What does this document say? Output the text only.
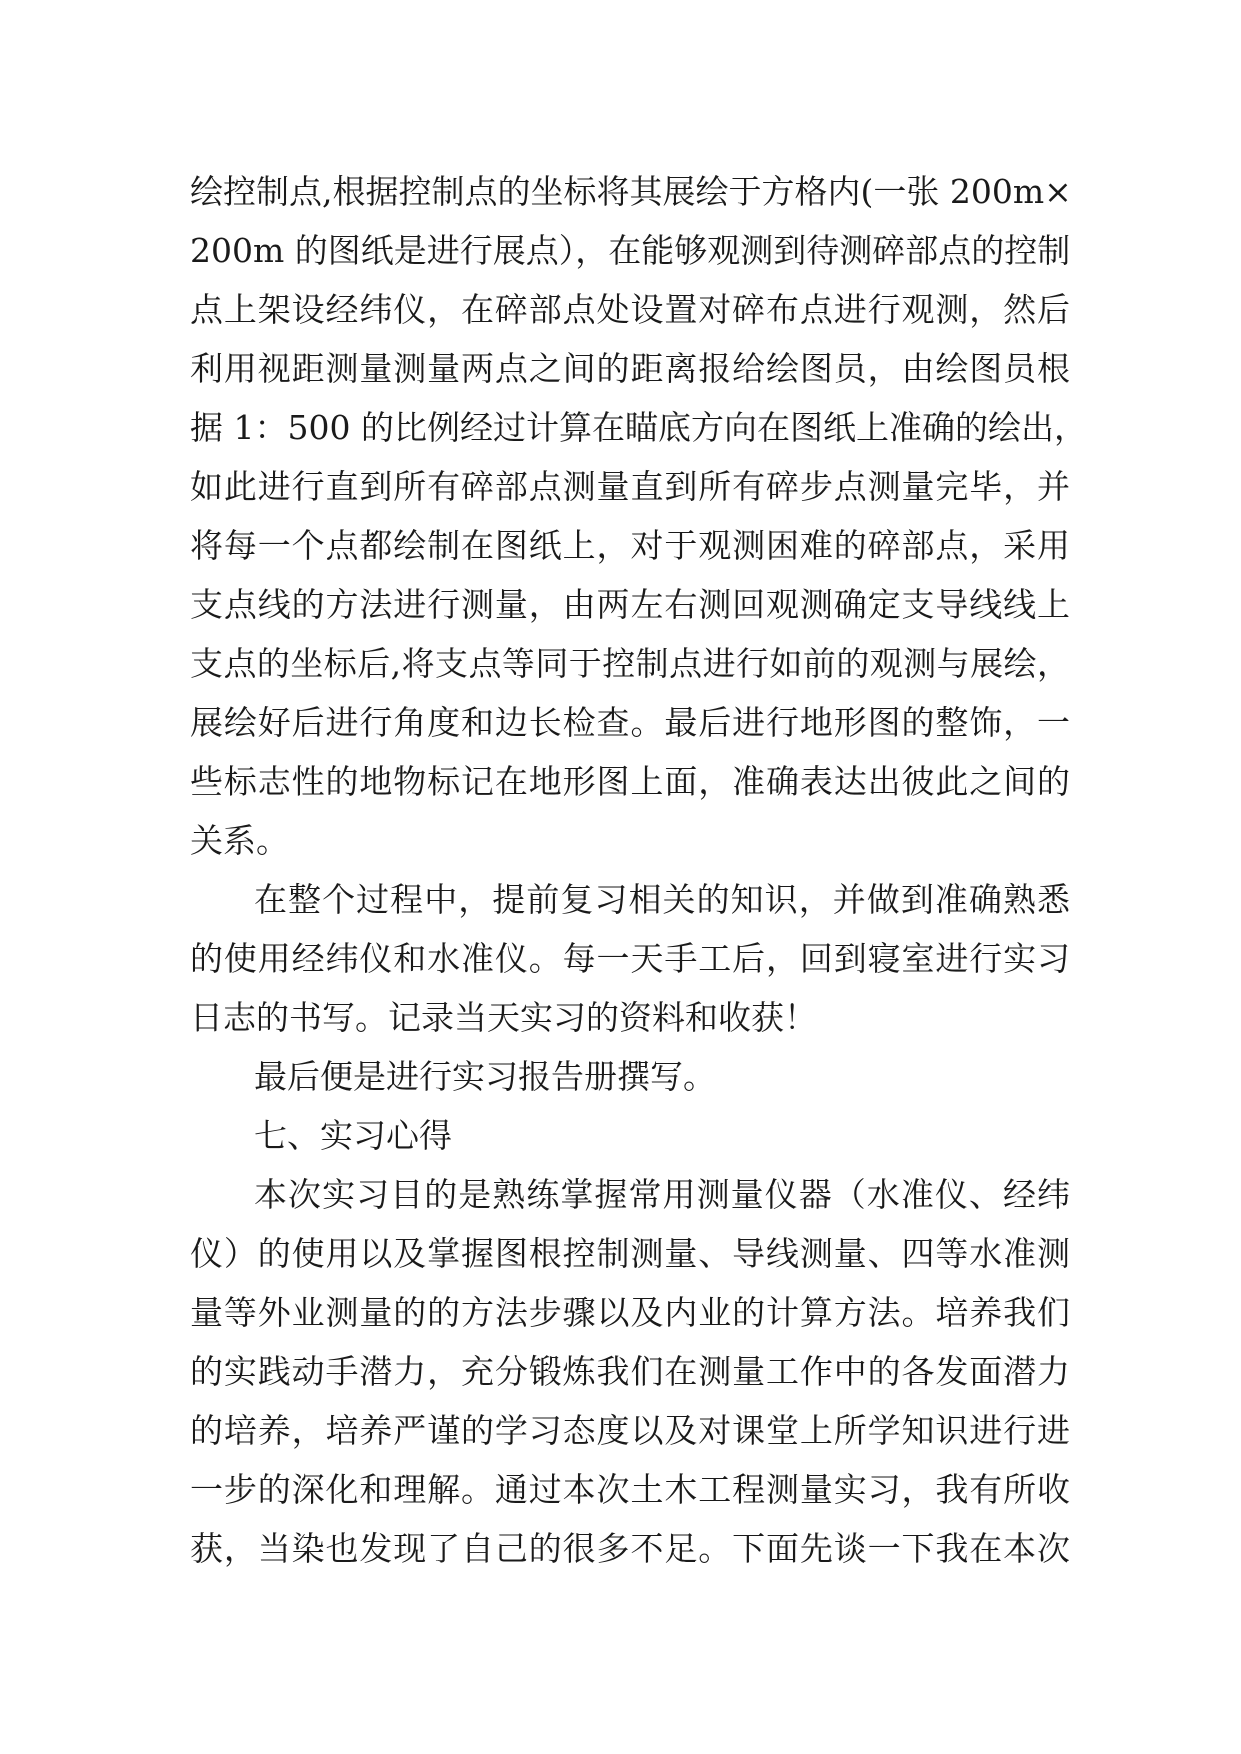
绘控制点,根据控制点的坐标将其展绘于方格内(一张 200m×
200m 的图纸是进行展点），在能够观测到待测碎部点的控制
点上架设经纬仪，在碎部点处设置对碎布点进行观测，然后
利用视距测量测量两点之间的距离报给绘图员，由绘图员根
据 1：500 的比例经过计算在瞄底方向在图纸上准确的绘出，
如此进行直到所有碎部点测量直到所有碎步点测量完毕，并
将每一个点都绘制在图纸上，对于观测困难的碎部点，采用
支点线的方法进行测量，由两左右测回观测确定支导线线上
支点的坐标后,将支点等同于控制点进行如前的观测与展绘，
展绘好后进行角度和边长检查。最后进行地形图的整饰，一
些标志性的地物标记在地形图上面，准确表达出彼此之间的
关系。
在整个过程中，提前复习相关的知识，并做到准确熟悉
的使用经纬仪和水准仪。每一天手工后，回到寝室进行实习
日志的书写。记录当天实习的资料和收获！
最后便是进行实习报告册撰写。
七、实习心得
本次实习目的是熟练掌握常用测量仪器（水准仪、经纬
仪）的使用以及掌握图根控制测量、导线测量、四等水准测
量等外业测量的的方法步骤以及内业的计算方法。培养我们
的实践动手潜力，充分锻炼我们在测量工作中的各发面潜力
的培养，培养严谨的学习态度以及对课堂上所学知识进行进
一步的深化和理解。通过本次土木工程测量实习，我有所收
获，当染也发现了自己的很多不足。下面先谈一下我在本次
